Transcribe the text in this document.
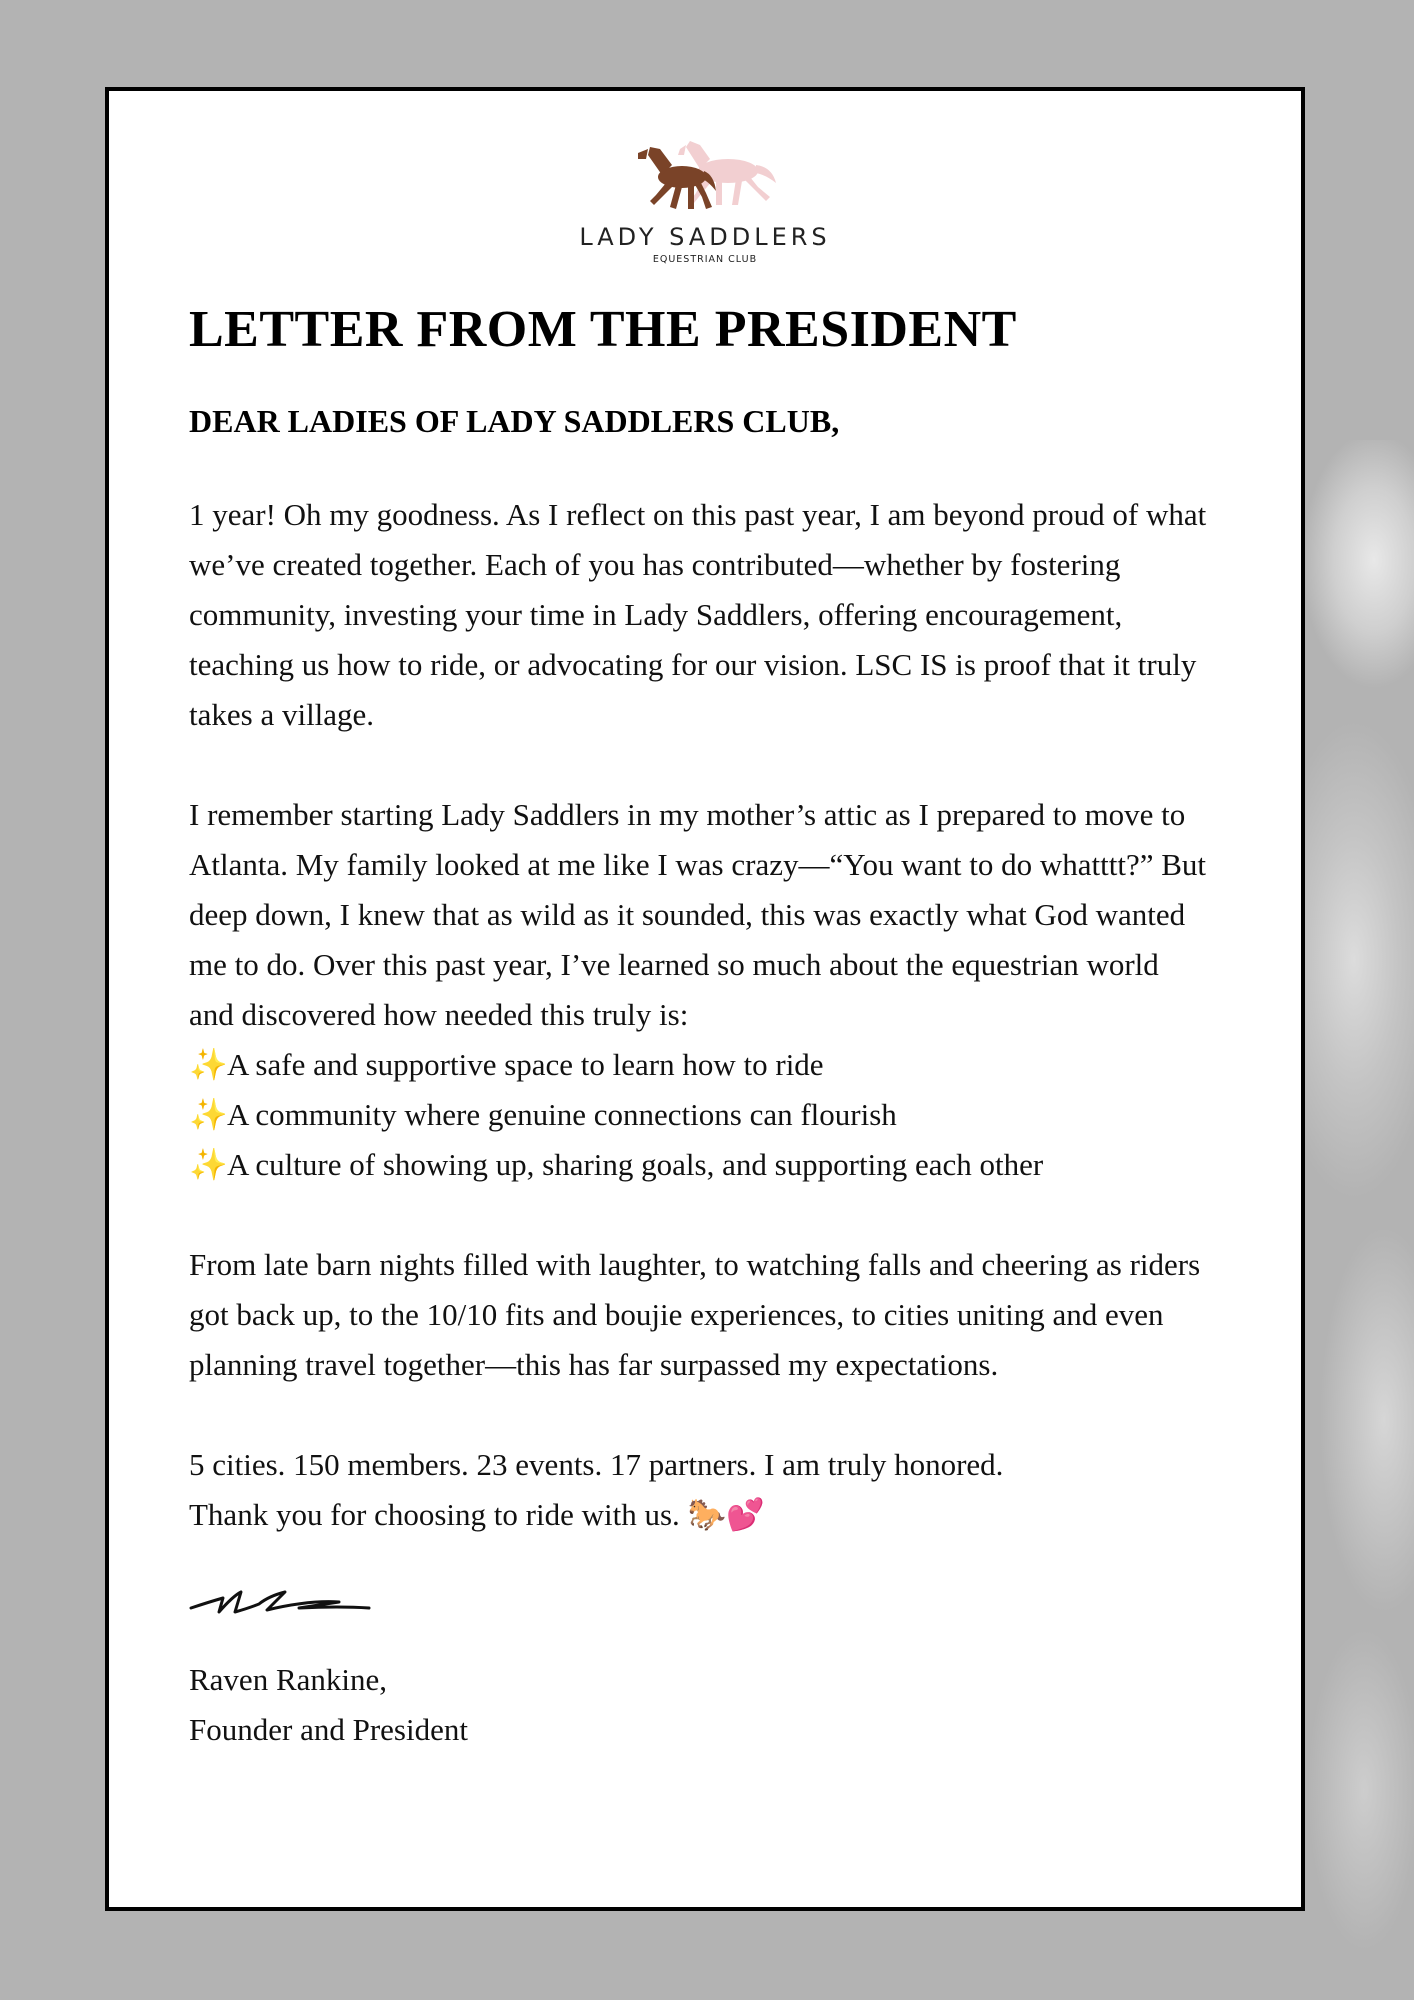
LADY SADDLERS
EQUESTRIAN CLUB
LETTER FROM THE PRESIDENT
DEAR LADIES OF LADY SADDLERS CLUB,

1 year! Oh my goodness. As I reflect on this past year, I am beyond proud of what we’ve created together. Each of you has contributed—whether by fostering community, investing your time in Lady Saddlers, offering encouragement, teaching us how to ride, or advocating for our vision. LSC IS is proof that it truly takes a village.

I remember starting Lady Saddlers in my mother’s attic as I prepared to move to Atlanta. My family looked at me like I was crazy—“You want to do whatttt?” But deep down, I knew that as wild as it sounded, this was exactly what God wanted me to do. Over this past year, I’ve learned so much about the equestrian world and discovered how needed this truly is:

✨A safe and supportive space to learn how to ride
✨A community where genuine connections can flourish
✨A culture of showing up, sharing goals, and supporting each other

From late barn nights filled with laughter, to watching falls and cheering as riders got back up, to the 10/10 fits and boujie experiences, to cities uniting and even planning travel together—this has far surpassed my expectations.

5 cities. 150 members. 23 events. 17 partners. I am truly honored.

Thank you for choosing to ride with us. 🐎💕

Raven Rankine,
Founder and President
